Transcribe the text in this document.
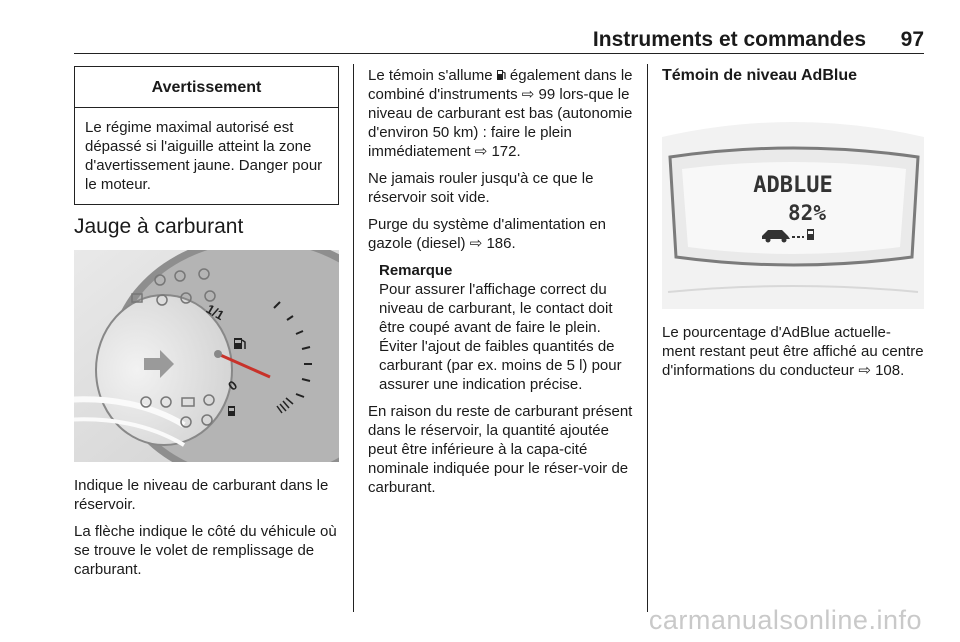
Instruments et commandes 97
Avertissement
Le régime maximal autorisé est dépassé si l'aiguille atteint la zone d'avertissement jaune. Danger pour le moteur.
Jauge à carburant
1/1
0

Indique le niveau de carburant dans le réservoir.

La flèche indique le côté du véhicule où se trouve le volet de remplissage de carburant.

Le témoin s'allume  également dans le combiné d'instruments ⇨ 99 lors-que le niveau de carburant est bas (autonomie d'environ 50 km) : faire le plein immédiatement ⇨ 172.

Ne jamais rouler jusqu'à ce que le réservoir soit vide.

Purge du système d'alimentation en gazole (diesel) ⇨ 186.

Remarque
Pour assurer l'affichage correct du niveau de carburant, le contact doit être coupé avant de faire le plein. Éviter l'ajout de faibles quantités de carburant (par ex. moins de 5 l) pour assurer une indication précise.

En raison du reste de carburant présent dans le réservoir, la quantité ajoutée peut être inférieure à la capa-cité nominale indiquée pour le réser-voir de carburant.

Témoin de niveau AdBlue
ADBLUE
82%

Le pourcentage d'AdBlue actuelle-ment restant peut être affiché au centre d'informations du conducteur ⇨ 108.

carmanualsonline.info
